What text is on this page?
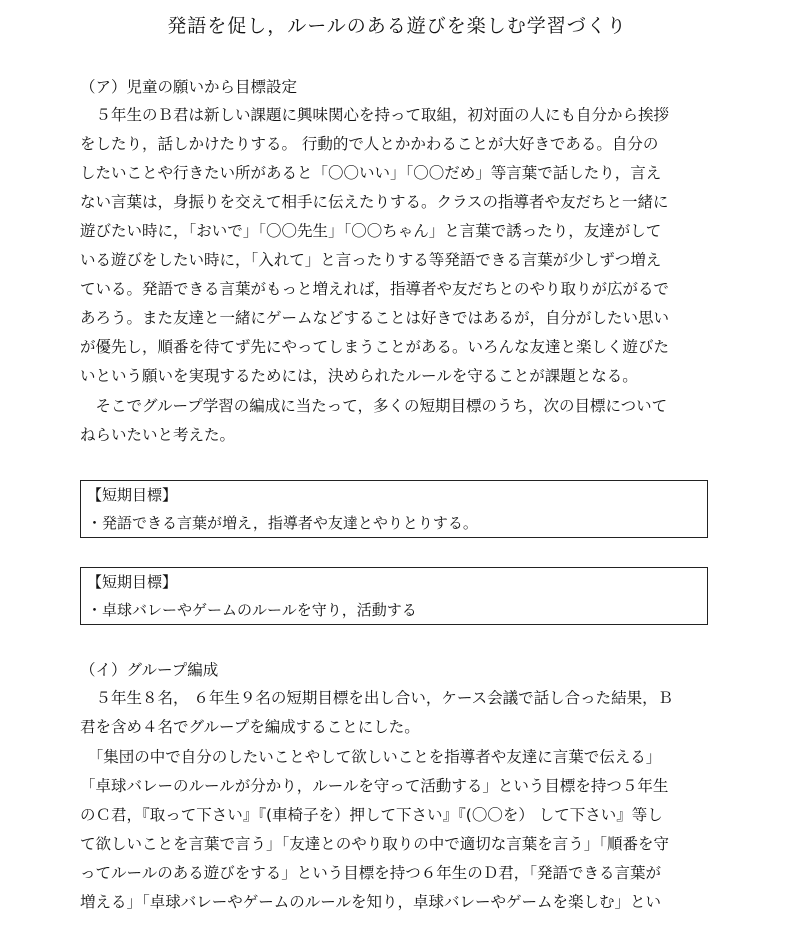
発語を促し，ルールのある遊びを楽しむ学習づくり
（ア）児童の願いから目標設定
　５年生のＢ君は新しい課題に興味関心を持って取組，初対面の人にも自分から挨拶
をしたり，話しかけたりする。 行動的で人とかかわることが大好きである。自分の
したいことや行きたい所があると「〇〇いい」「〇〇だめ」等言葉で話したり，言え
ない言葉は，身振りを交えて相手に伝えたりする。クラスの指導者や友だちと一緒に
遊びたい時に，「おいで」「〇〇先生」「〇〇ちゃん」と言葉で誘ったり，友達がして
いる遊びをしたい時に，「入れて」と言ったりする等発語できる言葉が少しずつ増え
ている。発語できる言葉がもっと増えれば，指導者や友だちとのやり取りが広がるで
あろう。また友達と一緒にゲームなどすることは好きではあるが，自分がしたい思い
が優先し，順番を待てず先にやってしまうことがある。いろんな友達と楽しく遊びた
いという願いを実現するためには，決められたルールを守ることが課題となる。
　そこでグループ学習の編成に当たって，多くの短期目標のうち，次の目標について
ねらいたいと考えた。
【短期目標】
・発語できる言葉が増え，指導者や友達とやりとりする。
【短期目標】
・卓球バレーやゲームのルールを守り，活動する
（イ）グループ編成
　５年生８名， ６年生９名の短期目標を出し合い，ケース会議で話し合った結果，Ｂ
君を含め４名でグループを編成することにした。
　「集団の中で自分のしたいことやして欲しいことを指導者や友達に言葉で伝える」
「卓球バレーのルールが分かり，ルールを守って活動する」という目標を持つ５年生
のＣ君，『取って下さい』『(車椅子を）押して下さい』『(〇〇を） して下さい』等し
て欲しいことを言葉で言う」「友達とのやり取りの中で適切な言葉を言う」「順番を守
ってルールのある遊びをする」という目標を持つ６年生のＤ君，「発語できる言葉が
増える」「卓球バレーやゲームのルールを知り，卓球バレーやゲームを楽しむ」とい
